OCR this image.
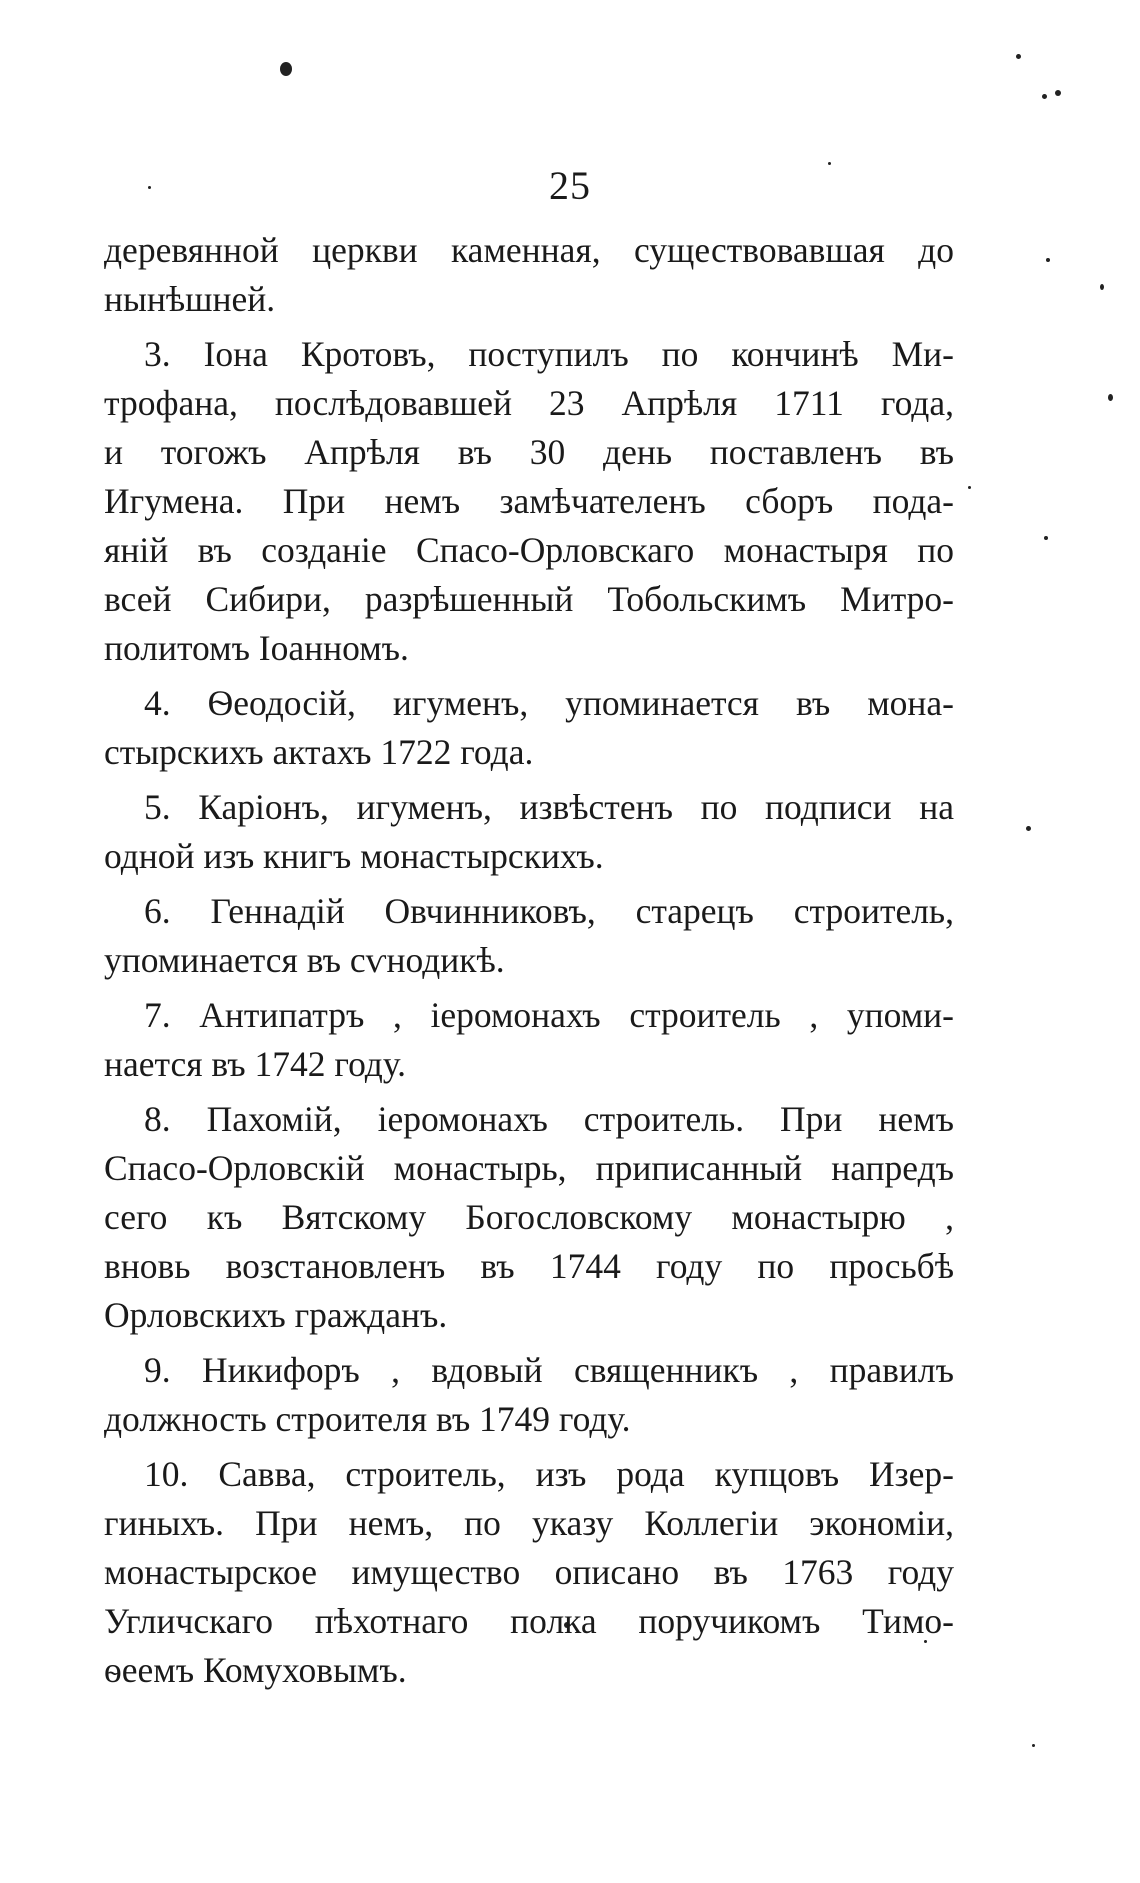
25
деревянной церкви каменная, существовавшая до
нынѣшней.
3. Іона Кротовъ, поступилъ по кончинѣ Ми-
трофана, послѣдовавшей 23 Апрѣля 1711 года,
и тогожъ Апрѣля въ 30 день поставленъ въ
Игумена. При немъ замѣчателенъ сборъ пода-
яній въ созданіе Спасо-Орловскаго монастыря по
всей Сибири, разрѣшенный Тобольскимъ Митро-
политомъ Іоанномъ.
4. Ѳеодосій, игуменъ, упоминается въ мона-
стырскихъ актахъ 1722 года.
5. Каріонъ, игуменъ, извѣстенъ по подписи на
одной изъ книгъ монастырскихъ.
6. Геннадій Овчинниковъ, старецъ строитель,
упоминается въ сѵнодикѣ.
7. Антипатръ , іеромонахъ строитель , упоми-
нается въ 1742 году.
8. Пахомій, іеромонахъ строитель. При немъ
Спасо-Орловскій монастырь, приписанный напредъ
сего къ Вятскому Богословскому монастырю ,
вновь возстановленъ въ 1744 году по просьбѣ
Орловскихъ гражданъ.
9. Никифоръ , вдовый священникъ , правилъ
должность строителя въ 1749 году.
10. Савва, строитель, изъ рода купцовъ Изер-
гиныхъ. При немъ, по указу Коллегіи экономіи,
монастырское имущество описано въ 1763 году
Угличскаго пѣхотнаго полка поручикомъ Тимо-
ѳеемъ Комуховымъ.
